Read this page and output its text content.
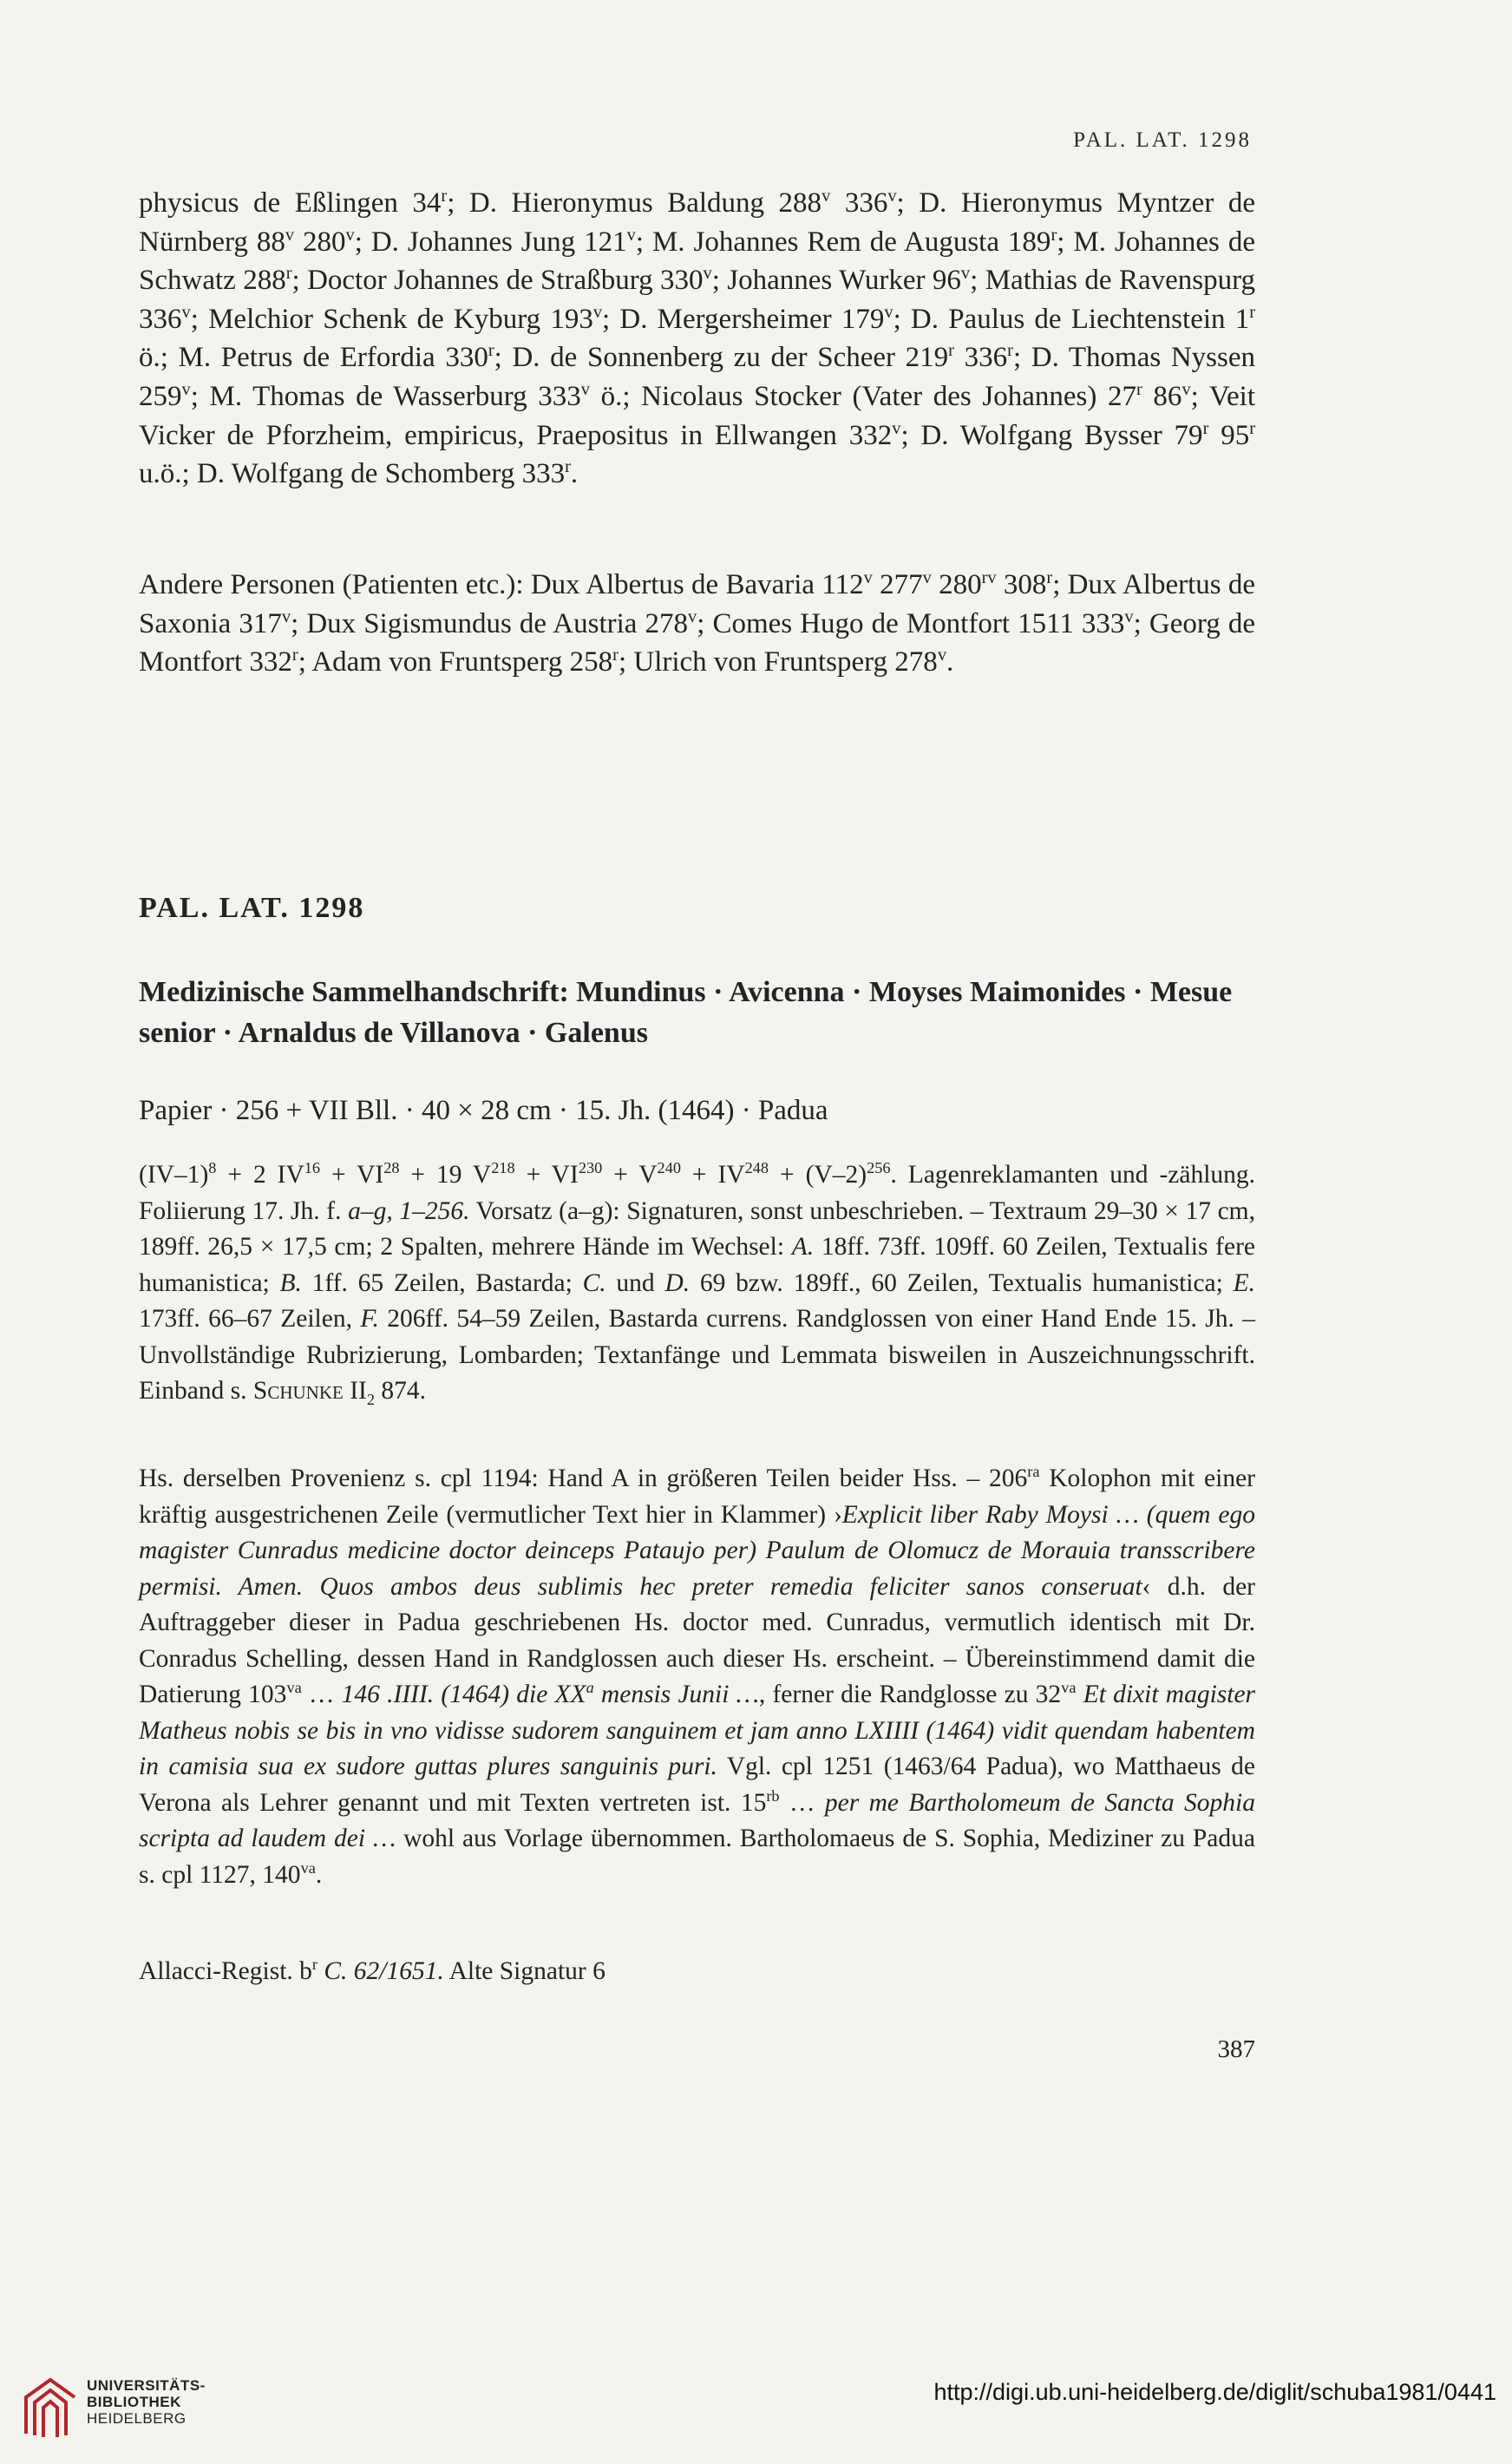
PAL. LAT. 1298

physicus de Eßlingen 34$^r$; D. Hieronymus Baldung 288$^v$ 336$^v$; D. Hieronymus Myntzer de Nürnberg 88$^v$ 280$^v$; D. Johannes Jung 121$^v$; M. Johannes Rem de Augusta 189$^r$; M. Johannes de Schwatz 288$^r$; Doctor Johannes de Straßburg 330$^v$; Johannes Wurker 96$^v$; Mathias de Ravenspurg 336$^v$; Melchior Schenk de Kyburg 193$^v$; D. Mergersheimer 179$^v$; D. Paulus de Liechtenstein 1$^r$ ö.; M. Petrus de Erfordia 330$^r$; D. de Sonnenberg zu der Scheer 219$^r$ 336$^r$; D. Thomas Nyssen 259$^v$; M. Thomas de Wasserburg 333$^v$ ö.; Nicolaus Stocker (Vater des Johannes) 27$^r$ 86$^v$; Veit Vicker de Pforzheim, empiricus, Praepositus in Ellwangen 332$^v$; D. Wolfgang Bysser 79$^r$ 95$^r$ u.ö.; D. Wolfgang de Schomberg 333$^r$.

Andere Personen (Patienten etc.): Dux Albertus de Bavaria 112$^v$ 277$^v$ $280^{rv}$ 308$^r$; Dux Albertus de Saxonia 317$^v$; Dux Sigismundus de Austria 278$^v$; Comes Hugo de Montfort 1511 333$^v$; Georg de Montfort 332$^r$; Adam von Fruntsperg 258$^r$; Ulrich von Fruntsperg 278$^v$.

PAL. LAT. 1298
Medizinische Sammelhandschrift: Mundinus · Avicenna · Moyses Maimonides · Mesue senior · Arnaldus de Villanova · Galenus

Papier · 256 + VII Bll. · 40 × 28 cm · 15. Jh. (1464) · Padua

$(IV-1)^8 + 2$ $IV^{16} + VI^{28} + 19$ $V^{218} + VI^{230} + V^{240} + IV^{248} + (V-2)^{256}$. Lagenreklamanten und -zählung. Foliierung 17. Jh. f. a–g, 1–256. Vorsatz (a–g): Signaturen, sonst unbeschrieben. – Textraum 29–30 × 17 cm, 189ff. 26,5 × 17,5 cm; 2 Spalten, mehrere Hände im Wechsel: A. 18ff. 73ff. 109ff. 60 Zeilen, Textualis fere humanistica; B. 1ff. 65 Zeilen, Bastarda; C. und D. 69 bzw. 189ff., 60 Zeilen, Textualis humanistica; E. 173ff. 66–67 Zeilen, F. 206ff. 54–59 Zeilen, Bastarda currens. Randglossen von einer Hand Ende 15. Jh. – Unvollständige Rubrizierung, Lombarden; Textanfänge und Lemmata bisweilen in Auszeichnungsschrift. Einband s. Schunke $II_2$ 874.

Hs. derselben Provenienz s. cpl 1194: Hand A in größeren Teilen beider Hss. – $206^{ra}$ Kolophon mit einer kräftig ausgestrichenen Zeile (vermutlicher Text hier in Klammer) ›Explicit liber Raby Moysi … (quem ego magister Cunradus medicine doctor deinceps Pataujo per) Paulum de Olomucz de Morauia transscribere permisi. Amen. Quos ambos deus sublimis hec preter remedia feliciter sanos conseruat‹ d.h. der Auftraggeber dieser in Padua geschriebenen Hs. doctor med. Cunradus, vermutlich identisch mit Dr. Conradus Schelling, dessen Hand in Randglossen auch dieser Hs. erscheint. – Übereinstimmend damit die Datierung $103^{va}$ … 146 .IIII. (1464) die $XX^a$ mensis Junii …, ferner die Randglosse zu $32^{va}$ Et dixit magister Matheus nobis se bis in vno vidisse sudorem sanguinem et jam anno LXIIII (1464) vidit quendam habentem in camisia sua ex sudore guttas plures sanguinis puri. Vgl. cpl 1251 (1463/64 Padua), wo Matthaeus de Verona als Lehrer genannt und mit Texten vertreten ist. $15^{rb}$ … per me Bartholomeum de Sancta Sophia scripta ad laudem dei … wohl aus Vorlage übernommen. Bartholomaeus de S. Sophia, Mediziner zu Padua s. cpl 1127, $140^{va}$.

Allacci-Regist. $b^r$ C. 62/1651. Alte Signatur 6

387
UNIVERSITÄTS-
BIBLIOTHEK
HEIDELBERG
http://digi.ub.uni-heidelberg.de/diglit/schuba1981/0441
